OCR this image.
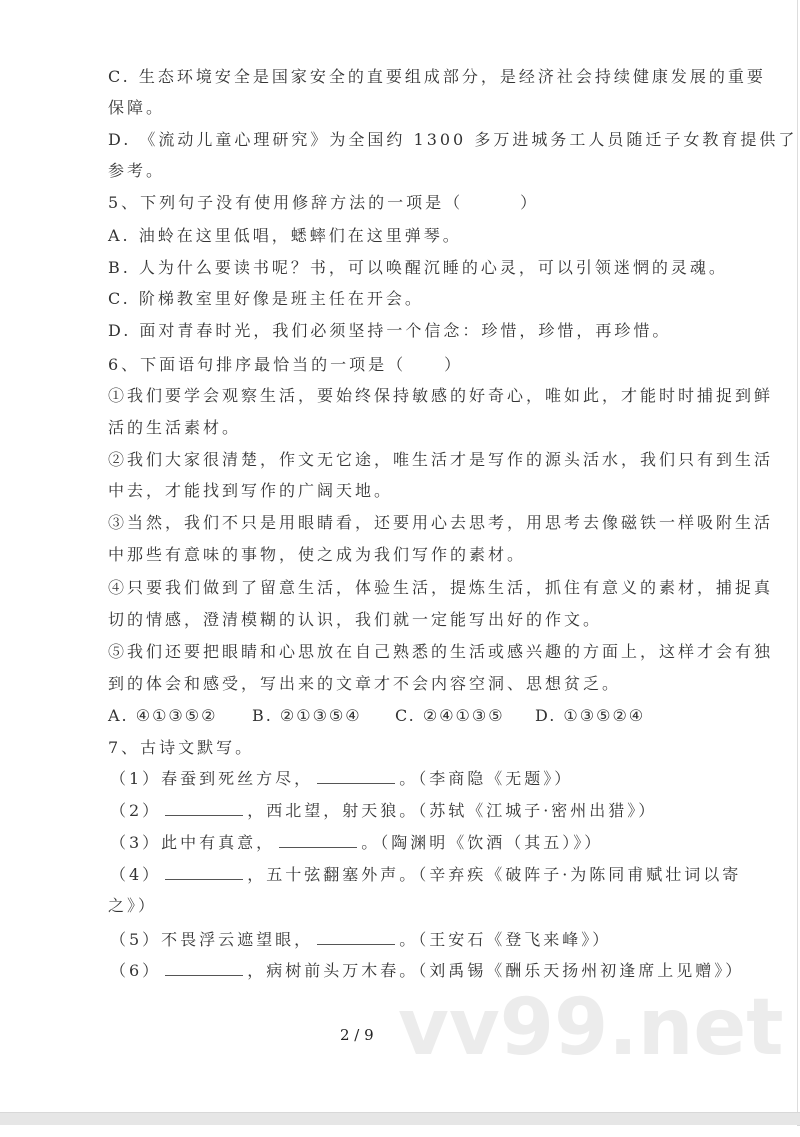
C. 生态环境安全是国家安全的直要组成部分，是经济社会持续健康发展的重要
保障。
D. 《流动儿童心理研究》为全国约 1300 多万进城务工人员随迁子女教育提供了
参考。
5、下列句子没有使用修辞方法的一项是（　　　）
A. 油蛉在这里低唱，蟋蟀们在这里弹琴。
B. 人为什么要读书呢？书，可以唤醒沉睡的心灵，可以引领迷惘的灵魂。
C. 阶梯教室里好像是班主任在开会。
D. 面对青春时光，我们必须坚持一个信念：珍惜，珍惜，再珍惜。
6、下面语句排序最恰当的一项是（　　）
①我们要学会观察生活，要始终保持敏感的好奇心，唯如此，才能时时捕捉到鲜
活的生活素材。
②我们大家很清楚，作文无它途，唯生活才是写作的源头活水，我们只有到生活
中去，才能找到写作的广阔天地。
③当然，我们不只是用眼睛看，还要用心去思考，用思考去像磁铁一样吸附生活
中那些有意味的事物，使之成为我们写作的素材。
④只要我们做到了留意生活，体验生活，提炼生活，抓住有意义的素材，捕捉真
切的情感，澄清模糊的认识，我们就一定能写出好的作文。
⑤我们还要把眼睛和心思放在自己熟悉的生活或感兴趣的方面上，这样才会有独
到的体会和感受，写出来的文章才不会内容空洞、思想贫乏。
A. ④①③⑤② B. ②①③⑤④ C. ②④①③⑤ D. ①③⑤②④
7、古诗文默写。
（1）春蚕到死丝方尽，	。（李商隐《无题》）
（2）	，西北望，射天狼。（苏轼《江城子·密州出猎》）
（3）此中有真意，	。（陶渊明《饮酒（其五）》）
（4）	，五十弦翻塞外声。（辛弃疾《破阵子·为陈同甫赋壮词以寄
之》）
（5）不畏浮云遮望眼，	。（王安石《登飞来峰》）
（6）	，病树前头万木春。（刘禹锡《酬乐天扬州初逢席上见赠》）
vv99.net
2 / 9
